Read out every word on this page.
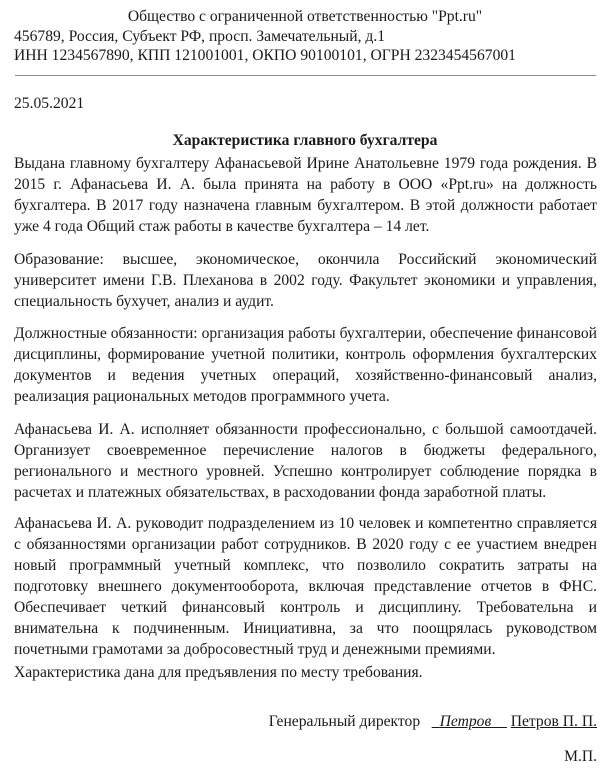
Общество с ограниченной ответственностью "Ppt.ru"
456789, Россия, Субъект РФ, просп. Замечательный, д.1
ИНН 1234567890, КПП 121001001, ОКПО 90100101, ОГРН 2323454567001
25.05.2021
Характеристика главного бухгалтера

Выдана главному бухгалтеру Афанасьевой Ирине Анатольевне 1979 года рождения. В 2015 г. Афанасьева И. А. была принята на работу в ООО «Ppt.ru» на должность бухгалтера. В 2017 году назначена главным бухгалтером. В этой должности работает уже 4 года Общий стаж работы в качестве бухгалтера – 14 лет.

Образование: высшее, экономическое, окончила Российский экономический университет имени Г.В. Плеханова в 2002 году. Факультет экономики и управления, специальность бухучет, анализ и аудит.

Должностные обязанности: организация работы бухгалтерии, обеспечение финансовой дисциплины, формирование учетной политики, контроль оформления бухгалтерских документов и ведения учетных операций, хозяйственно-финансовый анализ, реализация рациональных методов программного учета.

Афанасьева И. А. исполняет обязанности профессионально, с большой самоотдачей. Организует своевременное перечисление налогов в бюджеты федерального, регионального и местного уровней. Успешно контролирует соблюдение порядка в расчетах и платежных обязательствах, в расходовании фонда заработной платы.

Афанасьева И. А. руководит подразделением из 10 человек и компетентно справляется с обязанностями организации работ сотрудников. В 2020 году с ее участием внедрен новый программный учетный комплекс, что позволило сократить затраты на подготовку внешнего документооборота, включая представление отчетов в ФНС. Обеспечивает четкий финансовый контроль и дисциплину. Требовательна и внимательна к подчиненным. Инициативна, за что поощрялась руководством почетными грамотами за добросовестный труд и денежными премиями.

Характеристика дана для предъявления по месту требования.
Генеральный директор _Петров__ Петров П. П.
М.П.
